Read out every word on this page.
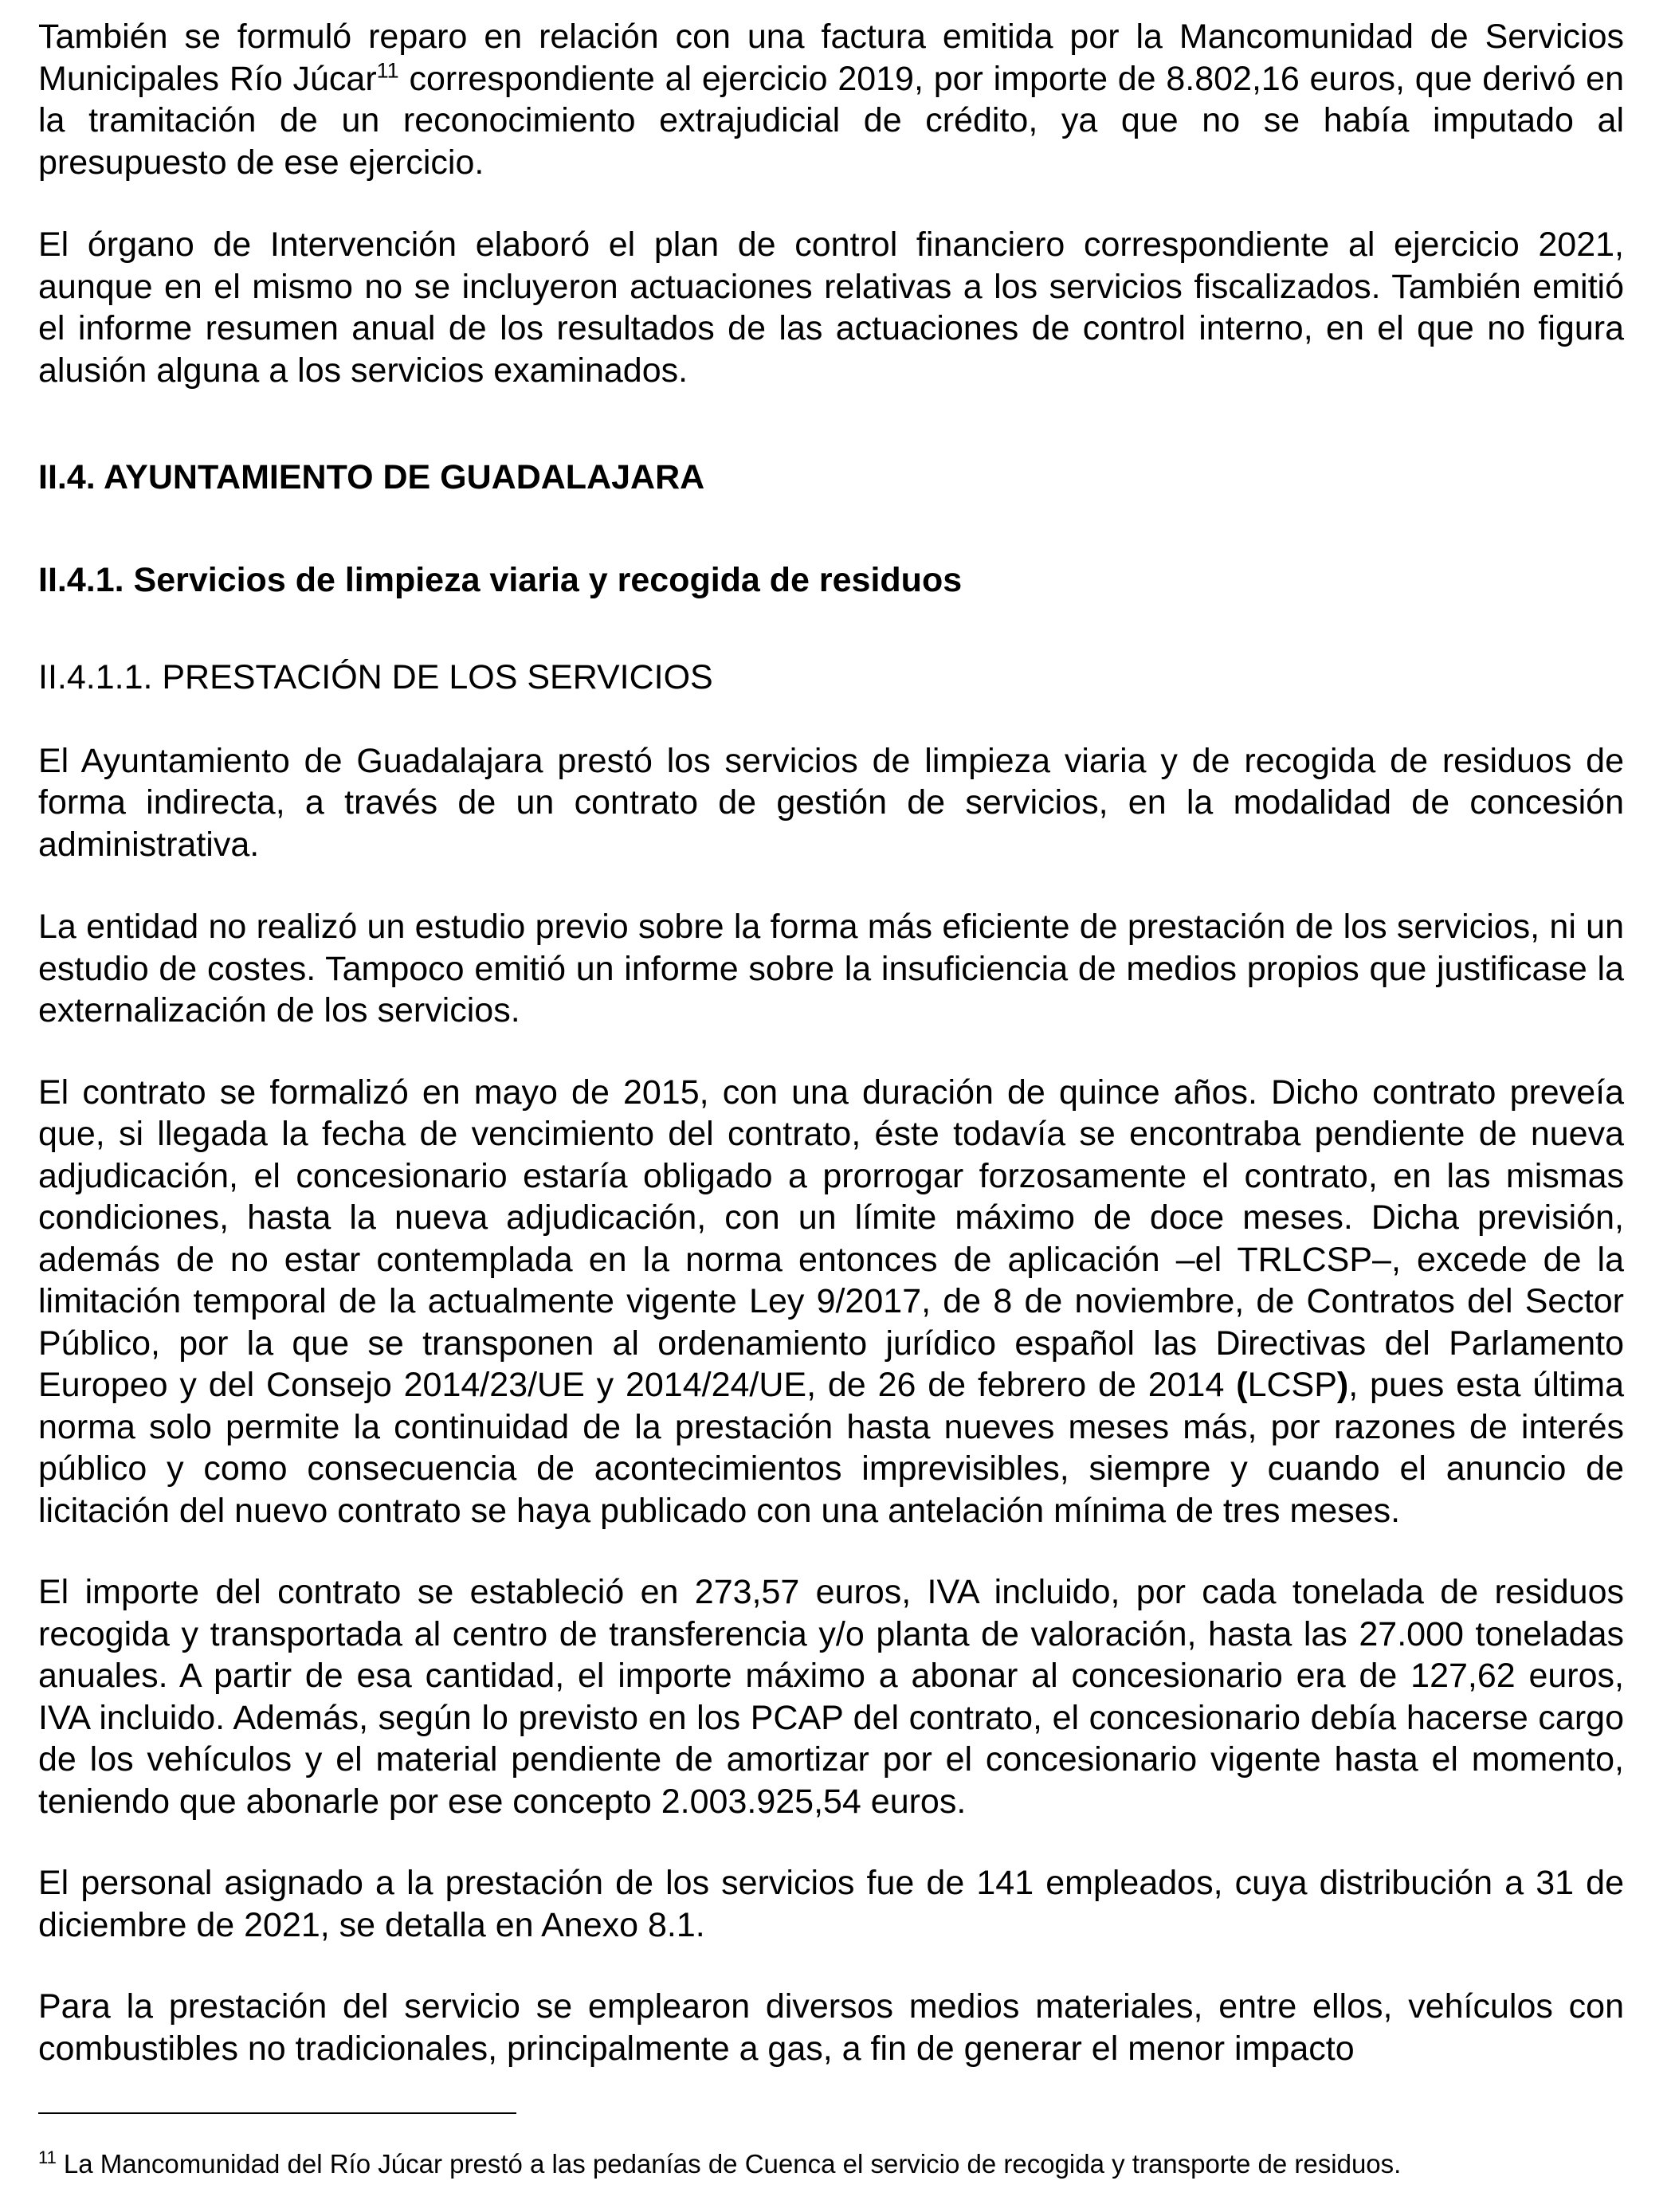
También se formuló reparo en relación con una factura emitida por la Mancomunidad de Servicios Municipales Río Júcar$^{11}$ correspondiente al ejercicio 2019, por importe de 8.802,16 euros, que derivó en la tramitación de un reconocimiento extrajudicial de crédito, ya que no se había imputado al presupuesto de ese ejercicio.

El órgano de Intervención elaboró el plan de control financiero correspondiente al ejercicio 2021, aunque en el mismo no se incluyeron actuaciones relativas a los servicios fiscalizados. También emitió el informe resumen anual de los resultados de las actuaciones de control interno, en el que no figura alusión alguna a los servicios examinados.

II.4. AYUNTAMIENTO DE GUADALAJARA
II.4.1. Servicios de limpieza viaria y recogida de residuos
II.4.1.1. PRESTACIÓN DE LOS SERVICIOS

El Ayuntamiento de Guadalajara prestó los servicios de limpieza viaria y de recogida de residuos de forma indirecta, a través de un contrato de gestión de servicios, en la modalidad de concesión administrativa.

La entidad no realizó un estudio previo sobre la forma más eficiente de prestación de los servicios, ni un estudio de costes. Tampoco emitió un informe sobre la insuficiencia de medios propios que justificase la externalización de los servicios.

El contrato se formalizó en mayo de 2015, con una duración de quince años. Dicho contrato preveía que, si llegada la fecha de vencimiento del contrato, éste todavía se encontraba pendiente de nueva adjudicación, el concesionario estaría obligado a prorrogar forzosamente el contrato, en las mismas condiciones, hasta la nueva adjudicación, con un límite máximo de doce meses. Dicha previsión, además de no estar contemplada en la norma entonces de aplicación –el TRLCSP–, excede de la limitación temporal de la actualmente vigente Ley 9/2017, de 8 de noviembre, de Contratos del Sector Público, por la que se transponen al ordenamiento jurídico español las Directivas del Parlamento Europeo y del Consejo 2014/23/UE y 2014/24/UE, de 26 de febrero de 2014 (LCSP), pues esta última norma solo permite la continuidad de la prestación hasta nueves meses más, por razones de interés público y como consecuencia de acontecimientos imprevisibles, siempre y cuando el anuncio de licitación del nuevo contrato se haya publicado con una antelación mínima de tres meses.

El importe del contrato se estableció en 273,57 euros, IVA incluido, por cada tonelada de residuos recogida y transportada al centro de transferencia y/o planta de valoración, hasta las 27.000 toneladas anuales. A partir de esa cantidad, el importe máximo a abonar al concesionario era de 127,62 euros, IVA incluido. Además, según lo previsto en los PCAP del contrato, el concesionario debía hacerse cargo de los vehículos y el material pendiente de amortizar por el concesionario vigente hasta el momento, teniendo que abonarle por ese concepto 2.003.925,54 euros.

El personal asignado a la prestación de los servicios fue de 141 empleados, cuya distribución a 31 de diciembre de 2021, se detalla en Anexo 8.1.

Para la prestación del servicio se emplearon diversos medios materiales, entre ellos, vehículos con combustibles no tradicionales, principalmente a gas, a fin de generar el menor impacto

$^{11}$ La Mancomunidad del Río Júcar prestó a las pedanías de Cuenca el servicio de recogida y transporte de residuos.
